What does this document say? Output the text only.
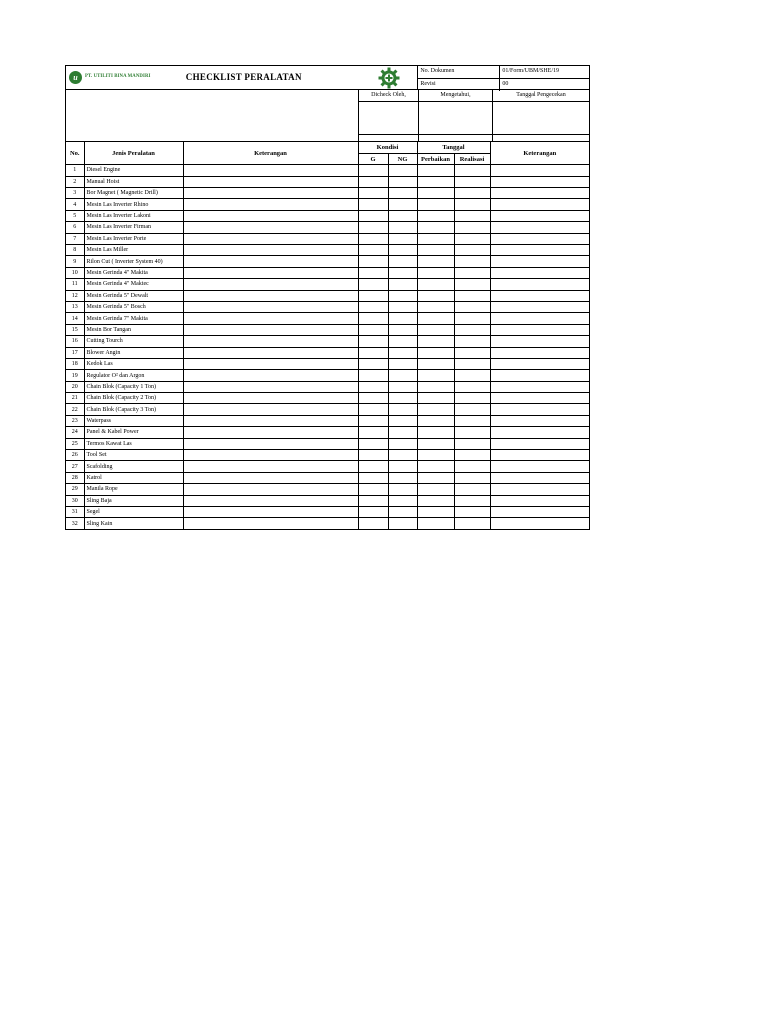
u	PT. UTILITI BINA MANDIRI	CHECKLIST PERALATAN
No. Dokumen	01/Form/UBM/SHE/19
Revisi	00
Dicheck Oleh,	Mengetahui,	Tanggal Pengecekan
No.	Jenis Peralatan	Keterangan	Kondisi		Tanggal		Keterangan
			G	NG	Perbaikan	Realisasi	
1	Diesel Engine						
2	Manual Hoist						
3	Bor Magnet ( Magnetic Drill)						
4	Mesin Las Inverter Rhino						
5	Mesin Las Inverter Lakoni						
6	Mesin Las Inverter Firman						
7	Mesin Las Inverter Porte						
8	Mesin Las Miller						
9	Rilon Cut ( Inverter System 40)						
10	Mesin Gerinda 4" Makita						
11	Mesin Gerinda 4" Maktec						
12	Mesin Gerinda 5" Dewalt						
13	Mesin Gerinda 5" Bosch						
14	Mesin Gerinda 7" Makita						
15	Mesin Bor Tangan						
16	Cutting Tourch						
17	Blower Angin						
18	Kedok Las						
19	Regulator O² dan Argon						
20	Chain Blok (Capacity 1 Ton)						
21	Chain Blok (Capacity 2 Ton)						
22	Chain Blok (Capacity 3 Ton)						
23	Waterpass						
24	Panel & Kabel Power						
25	Termos Kawat Las						
26	Tool Set						
27	Scafolding						
28	Katrol						
29	Manila Rope						
30	Sling Baja						
31	Segel						
32	Sling Kain						
